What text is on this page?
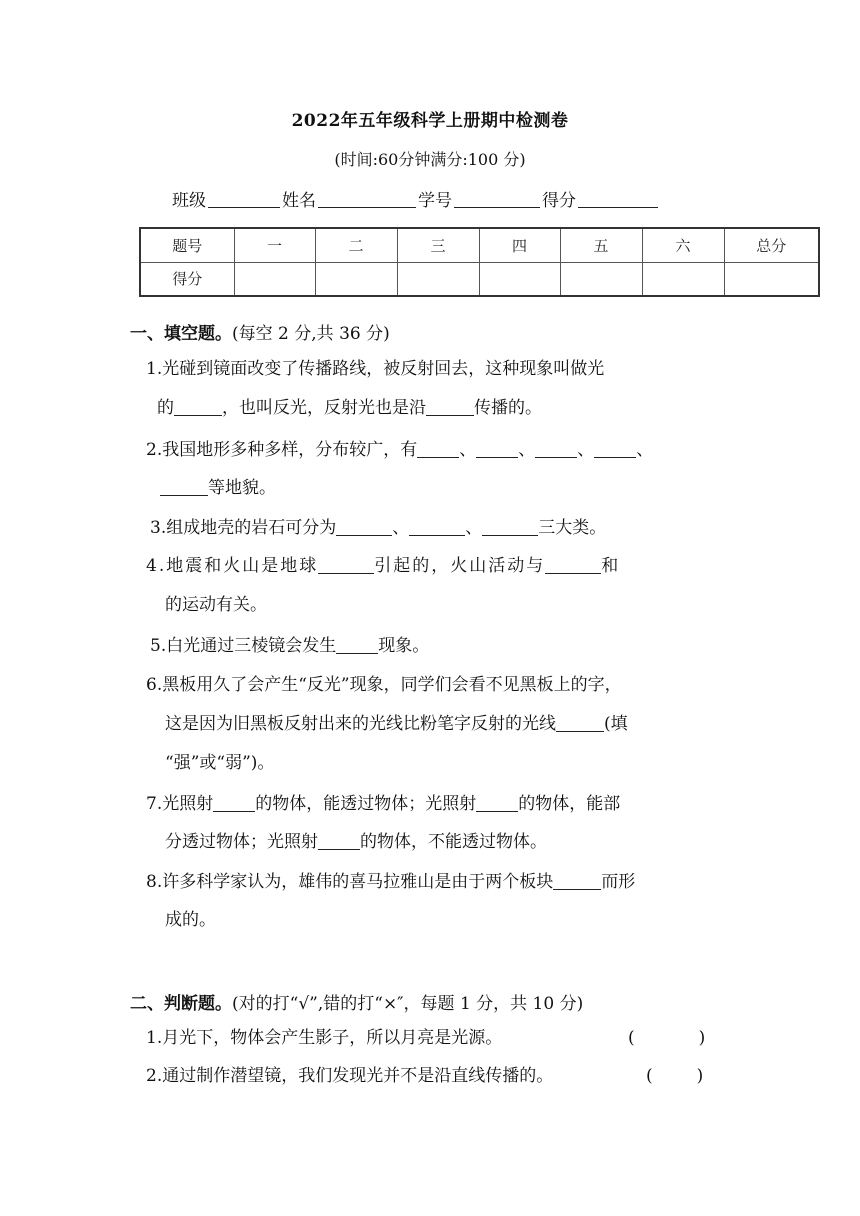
2022年五年级科学上册期中检测卷
(时间:60分钟满分:100 分)
班级	姓名	学号	得分
题号	一	二	三	四	五	六	总分
得分							
一、填空题。(每空 2 分,共 36 分)
1.光碰到镜面改变了传播路线，被反射回去，这种现象叫做光
的	，也叫反光，反射光也是沿	传播的。
2.我国地形多种多样，分布较广，有 、 、 、 、
等地貌。
3.组成地壳的岩石可分为	、	、	三大类。
4.地震和火山是地球	引起的，火山活动与	和
的运动有关。
5.白光通过三棱镜会发生 现象。
6.黑板用久了会产生“反光”现象，同学们会看不见黑板上的字，
这是因为旧黑板反射出来的光线比粉笔字反射的光线	(填
“强”或“弱”)。
7.光照射 的物体，能透过物体；光照射 的物体，能部
分透过物体；光照射 的物体，不能透过物体。
8.许多科学家认为，雄伟的喜马拉雅山是由于两个板块	而形
成的。
二、判断题。(对的打“√”,错的打“×″，每题 1 分，共 10 分)
1.月光下，物体会产生影子，所以月亮是光源。	(	)
2.通过制作潜望镜，我们发现光并不是沿直线传播的。	(	)
